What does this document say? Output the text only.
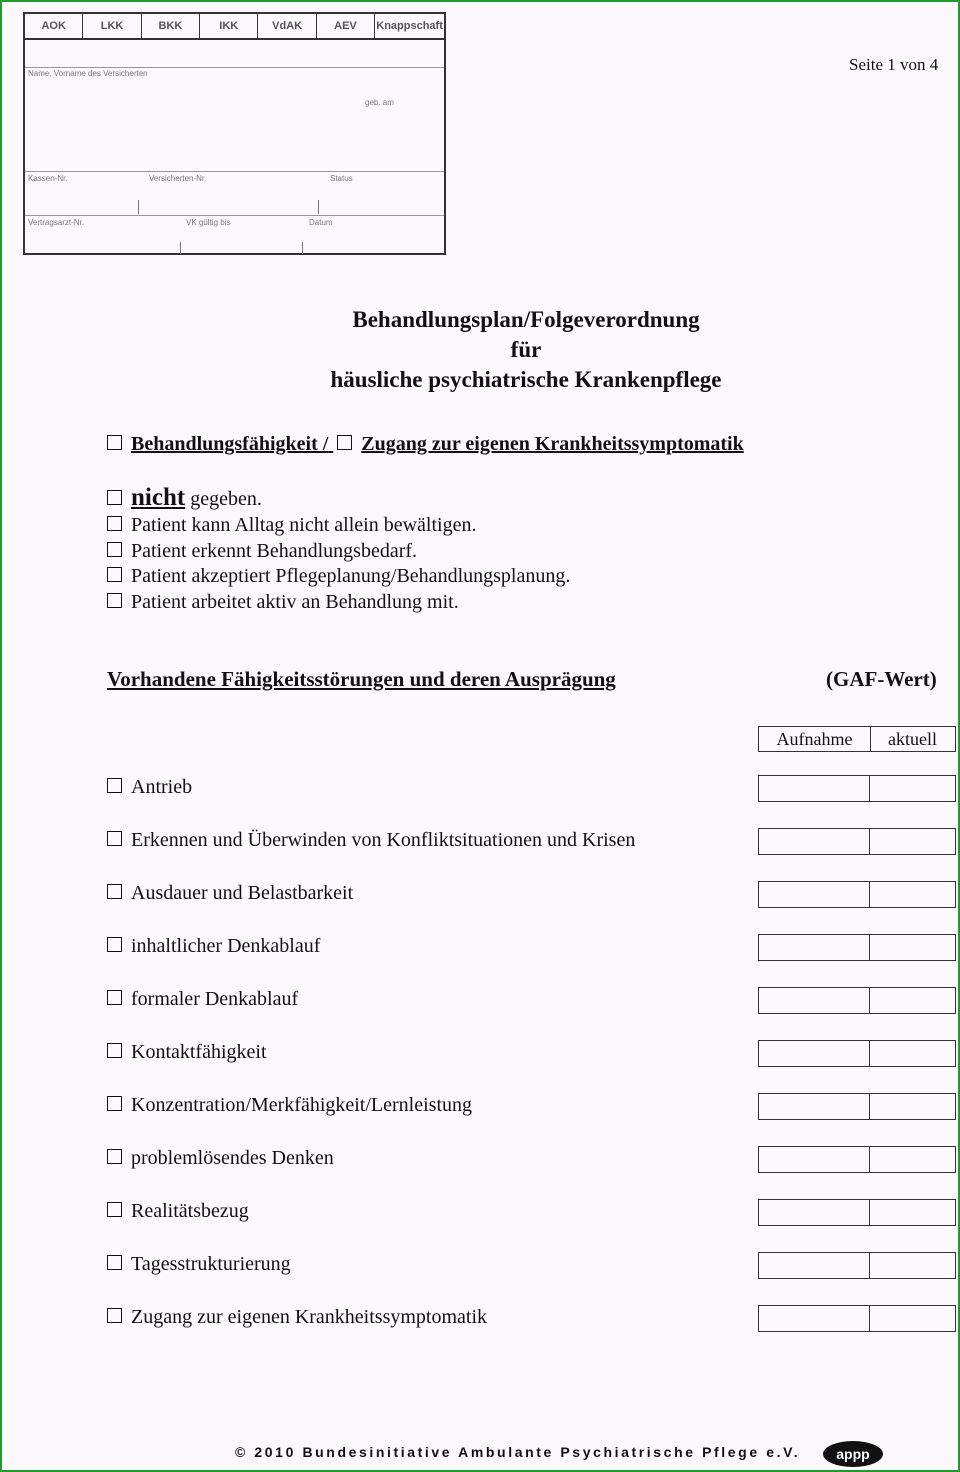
AOK	LKK	BKK	IKK	VdAK	AEV	Knappschaft
Name, Vorname des Versicherten
geb. am
Kassen-Nr.	Versicherten-Nr.	Status
Vertragsarzt-Nr.	VK gültig bis	Datum
Seite 1 von 4
Behandlungsplan/Folgeverordnung
für
häusliche psychiatrische Krankenpflege
Behandlungsfähigkeit / Zugang zur eigenen Krankheitssymptomatik
nicht gegeben.
Patient kann Alltag nicht allein bewältigen.
Patient erkennt Behandlungsbedarf.
Patient akzeptiert Pflegeplanung/Behandlungsplanung.
Patient arbeitet aktiv an Behandlung mit.
Vorhandene Fähigkeitsstörungen und deren Ausprägung	(GAF-Wert)
Aufnahme	aktuell
Antrieb
Erkennen und Überwinden von Konfliktsituationen und Krisen
Ausdauer und Belastbarkeit
inhaltlicher Denkablauf
formaler Denkablauf
Kontaktfähigkeit
Konzentration/Merkfähigkeit/Lernleistung
problemlösendes Denken
Realitätsbezug
Tagesstrukturierung
Zugang zur eigenen Krankheitssymptomatik
© 2010 Bundesinitiative Ambulante Psychiatrische Pflege e.V.	appp
